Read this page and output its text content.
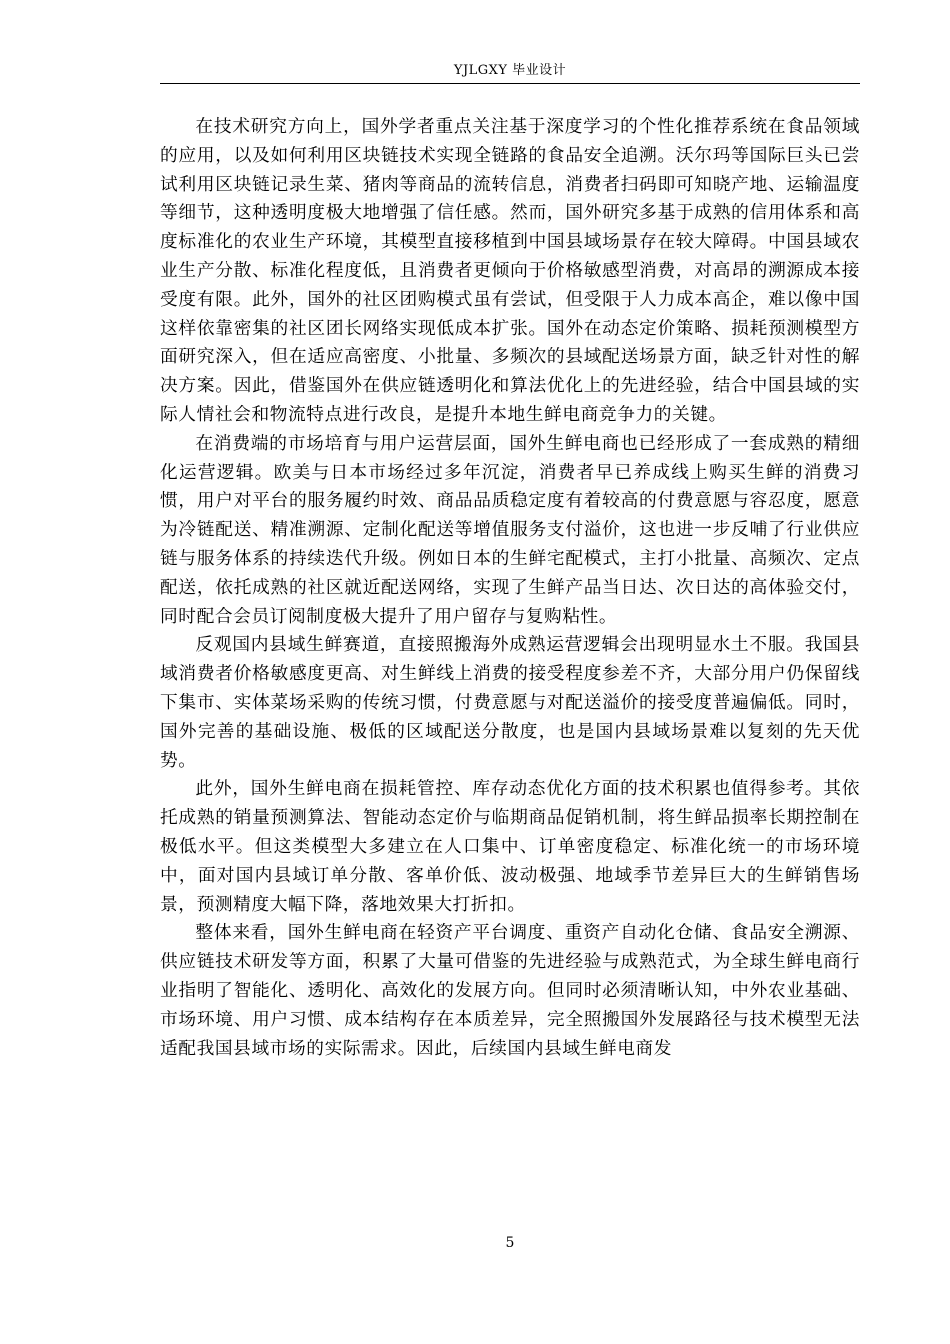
YJLGXY 毕业设计

在技术研究方向上，国外学者重点关注基于深度学习的个性化推荐系统在食品领域的应用，以及如何利用区块链技术实现全链路的食品安全追溯。沃尔玛等国际巨头已尝试利用区块链记录生菜、猪肉等商品的流转信息，消费者扫码即可知晓产地、运输温度等细节，这种透明度极大地增强了信任感。然而，国外研究多基于成熟的信用体系和高度标准化的农业生产环境，其模型直接移植到中国县域场景存在较大障碍。中国县域农业生产分散、标准化程度低，且消费者更倾向于价格敏感型消费，对高昂的溯源成本接受度有限。此外，国外的社区团购模式虽有尝试，但受限于人力成本高企，难以像中国这样依靠密集的社区团长网络实现低成本扩张。国外在动态定价策略、损耗预测模型方面研究深入，但在适应高密度、小批量、多频次的县域配送场景方面，缺乏针对性的解决方案。因此，借鉴国外在供应链透明化和算法优化上的先进经验，结合中国县域的实际人情社会和物流特点进行改良，是提升本地生鲜电商竞争力的关键。

在消费端的市场培育与用户运营层面，国外生鲜电商也已经形成了一套成熟的精细化运营逻辑。欧美与日本市场经过多年沉淀，消费者早已养成线上购买生鲜的消费习惯，用户对平台的服务履约时效、商品品质稳定度有着较高的付费意愿与容忍度，愿意为冷链配送、精准溯源、定制化配送等增值服务支付溢价，这也进一步反哺了行业供应链与服务体系的持续迭代升级。例如日本的生鲜宅配模式，主打小批量、高频次、定点配送，依托成熟的社区就近配送网络，实现了生鲜产品当日达、次日达的高体验交付，同时配合会员订阅制度极大提升了用户留存与复购粘性。

反观国内县域生鲜赛道，直接照搬海外成熟运营逻辑会出现明显水土不服。我国县域消费者价格敏感度更高、对生鲜线上消费的接受程度参差不齐，大部分用户仍保留线下集市、实体菜场采购的传统习惯，付费意愿与对配送溢价的接受度普遍偏低。同时，国外完善的基础设施、极低的区域配送分散度，也是国内县域场景难以复刻的先天优势。

此外，国外生鲜电商在损耗管控、库存动态优化方面的技术积累也值得参考。其依托成熟的销量预测算法、智能动态定价与临期商品促销机制，将生鲜品损率长期控制在极低水平。但这类模型大多建立在人口集中、订单密度稳定、标准化统一的市场环境中，面对国内县域订单分散、客单价低、波动极强、地域季节差异巨大的生鲜销售场景，预测精度大幅下降，落地效果大打折扣。

整体来看，国外生鲜电商在轻资产平台调度、重资产自动化仓储、食品安全溯源、供应链技术研发等方面，积累了大量可借鉴的先进经验与成熟范式，为全球生鲜电商行业指明了智能化、透明化、高效化的发展方向。但同时必须清晰认知，中外农业基础、市场环境、用户习惯、成本结构存在本质差异，完全照搬国外发展路径与技术模型无法适配我国县域市场的实际需求。因此，后续国内县域生鲜电商发

5
